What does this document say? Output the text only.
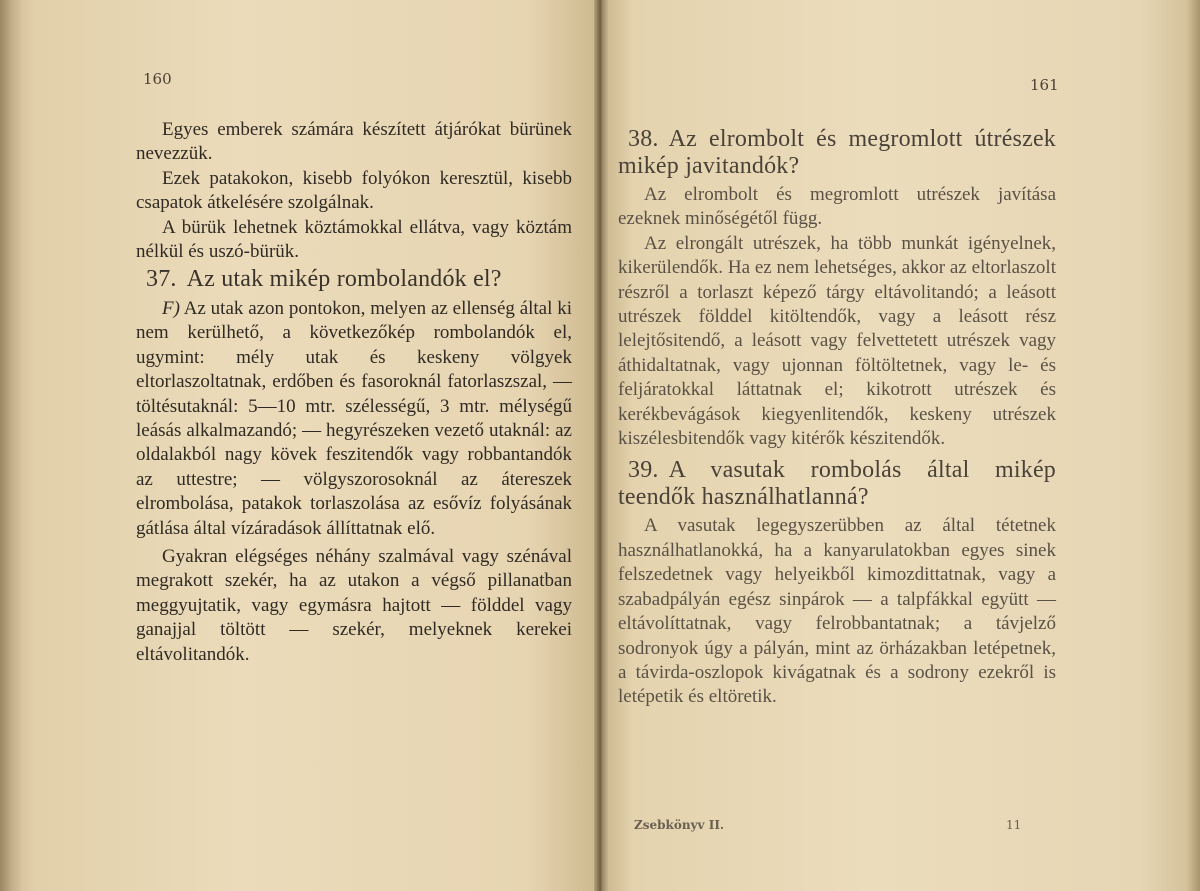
160	161

Egyes emberek számára készített átjárókat bürünek nevezzük.

Ezek patakokon, kisebb folyókon keresztül, kisebb csapatok átkelésére szolgálnak.

A bürük lehetnek köztámokkal ellátva, vagy köztám nélkül és uszó-bürük.

37. Az utak mikép rombolandók el?

F) Az utak azon pontokon, melyen az ellenség által ki nem kerülhető, a következőkép rombolandók el, ugymint: mély utak és keskeny völgyek eltorlaszoltatnak, erdőben és fasoroknál fatorlaszszal, — töltésutaknál: 5—10 mtr. szélességű, 3 mtr. mélységű leásás alkalmazandó; — hegyrészeken vezető utaknál: az oldalakból nagy kövek feszitendők vagy robbantandók az uttestre; — völgyszorosoknál az átereszek elrombolása, patakok torlaszolása az esővíz folyásának gátlása által vízáradások állíttatnak elő.

Gyakran elégséges néhány szalmával vagy szénával megrakott szekér, ha az utakon a végső pillanatban meggyujtatik, vagy egymásra hajtott — földdel vagy ganajjal töltött — szekér, melyeknek kerekei eltávolitandók.

38. Az elrombolt és megromlott útrészek mikép javitandók?

Az elrombolt és megromlott utrészek javítása ezeknek minőségétől függ.

Az elrongált utrészek, ha több munkát igényelnek, kikerülendők. Ha ez nem lehetséges, akkor az eltorlaszolt részről a torlaszt képező tárgy eltávolitandó; a leásott utrészek földdel kitöltendők, vagy a leásott rész lelejtősitendő, a leásott vagy felvettetett utrészek vagy áthidaltatnak, vagy ujonnan föltöltetnek, vagy le- és feljáratokkal láttatnak el; kikotrott utrészek és kerékbevágások kiegyenlitendők, keskeny utrészek kiszélesbitendők vagy kitérők készitendők.

39. A vasutak rombolás által mikép teendők használhatlanná?

A vasutak legegyszerübben az által tétetnek használhatlanokká, ha a kanyarulatokban egyes sinek felszedetnek vagy helyeikből kimozdittatnak, vagy a szabadpályán egész sinpárok — a talpfákkal együtt — eltávolíttatnak, vagy felrobbantatnak; a távjelző sodronyok úgy a pályán, mint az örházakban letépetnek, a távirda-oszlopok kivágatnak és a sodrony ezekről is letépetik és eltöretik.

Zsebkönyv II.	11
